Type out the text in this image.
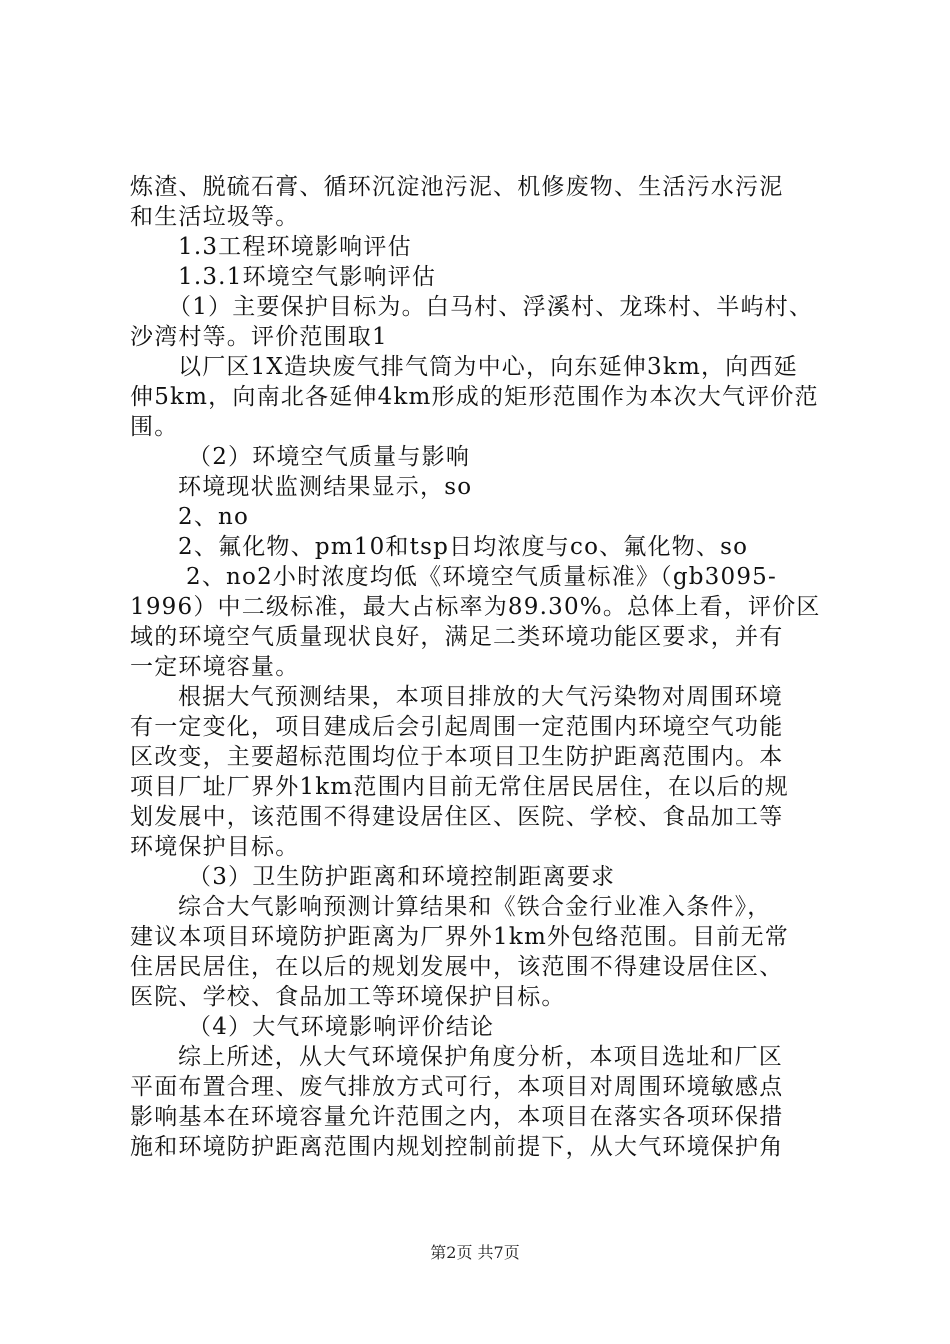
炼渣、脱硫石膏、循环沉淀池污泥、机修废物、生活污水污泥
和生活垃圾等。
1.3工程环境影响评估
1.3.1环境空气影响评估
（1）主要保护目标为。白马村、浮溪村、龙珠村、半屿村、
沙湾村等。评价范围取1
以厂区1X造块废气排气筒为中心，向东延伸3km，向西延
伸5km，向南北各延伸4km形成的矩形范围作为本次大气评价范
围。
（2）环境空气质量与影响
环境现状监测结果显示，so
2、no
2、氟化物、pm10和tsp日均浓度与co、氟化物、so
2、no2小时浓度均低《环境空气质量标准》（gb3095-
1996）中二级标准，最大占标率为89.30%。总体上看，评价区
域的环境空气质量现状良好，满足二类环境功能区要求，并有
一定环境容量。
根据大气预测结果，本项目排放的大气污染物对周围环境
有一定变化，项目建成后会引起周围一定范围内环境空气功能
区改变，主要超标范围均位于本项目卫生防护距离范围内。本
项目厂址厂界外1km范围内目前无常住居民居住，在以后的规
划发展中，该范围不得建设居住区、医院、学校、食品加工等
环境保护目标。
（3）卫生防护距离和环境控制距离要求
综合大气影响预测计算结果和《铁合金行业准入条件》，
建议本项目环境防护距离为厂界外1km外包络范围。目前无常
住居民居住，在以后的规划发展中，该范围不得建设居住区、
医院、学校、食品加工等环境保护目标。
（4）大气环境影响评价结论
综上所述，从大气环境保护角度分析，本项目选址和厂区
平面布置合理、废气排放方式可行，本项目对周围环境敏感点
影响基本在环境容量允许范围之内，本项目在落实各项环保措
施和环境防护距离范围内规划控制前提下，从大气环境保护角
第2页 共7页
